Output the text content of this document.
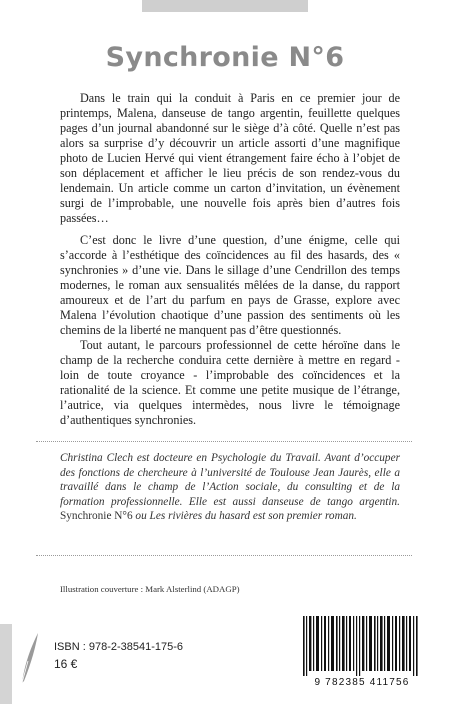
Synchronie N°6

Dans le train qui la conduit à Paris en ce premier jour de printemps, Malena, danseuse de tango argentin, feuillette quelques pages d’un journal abandonné sur le siège d’à côté. Quelle n’est pas alors sa surprise d’y découvrir un article assorti d’une magnifique photo de Lucien Hervé qui vient étrangement faire écho à l’objet de son déplacement et afficher le lieu précis de son rendez-vous du lendemain. Un article comme un carton d’invitation, un évènement surgi de l’improbable, une nouvelle fois après bien d’autres fois passées…

C’est donc le livre d’une question, d’une énigme, celle qui s’accorde à l’esthétique des coïncidences au fil des hasards, des « synchronies » d’une vie. Dans le sillage d’une Cendrillon des temps modernes, le roman aux sensualités mêlées de la danse, du rapport amoureux et de l’art du parfum en pays de Grasse, explore avec Malena l’évolution chaotique d’une passion des sentiments où les chemins de la liberté ne manquent pas d’être questionnés.

Tout autant, le parcours professionnel de cette héroïne dans le champ de la recherche conduira cette dernière à mettre en regard - loin de toute croyance - l’improbable des coïncidences et la rationalité de la science. Et comme une petite musique de l’étrange, l’autrice, via quelques intermèdes, nous livre le témoignage d’authentiques synchronies.

Christina Clech est docteure en Psychologie du Travail. Avant d’occuper des fonctions de chercheure à l’université de Toulouse Jean Jaurès, elle a travaillé dans le champ de l’Action sociale, du consulting et de la formation professionnelle. Elle est aussi danseuse de tango argentin. Synchronie N°6 ou Les rivières du hasard est son premier roman.

Illustration couverture : Mark Alsterlind (ADAGP)
ISBN : 978-2-38541-175-6
16 €
9 782385 411756
